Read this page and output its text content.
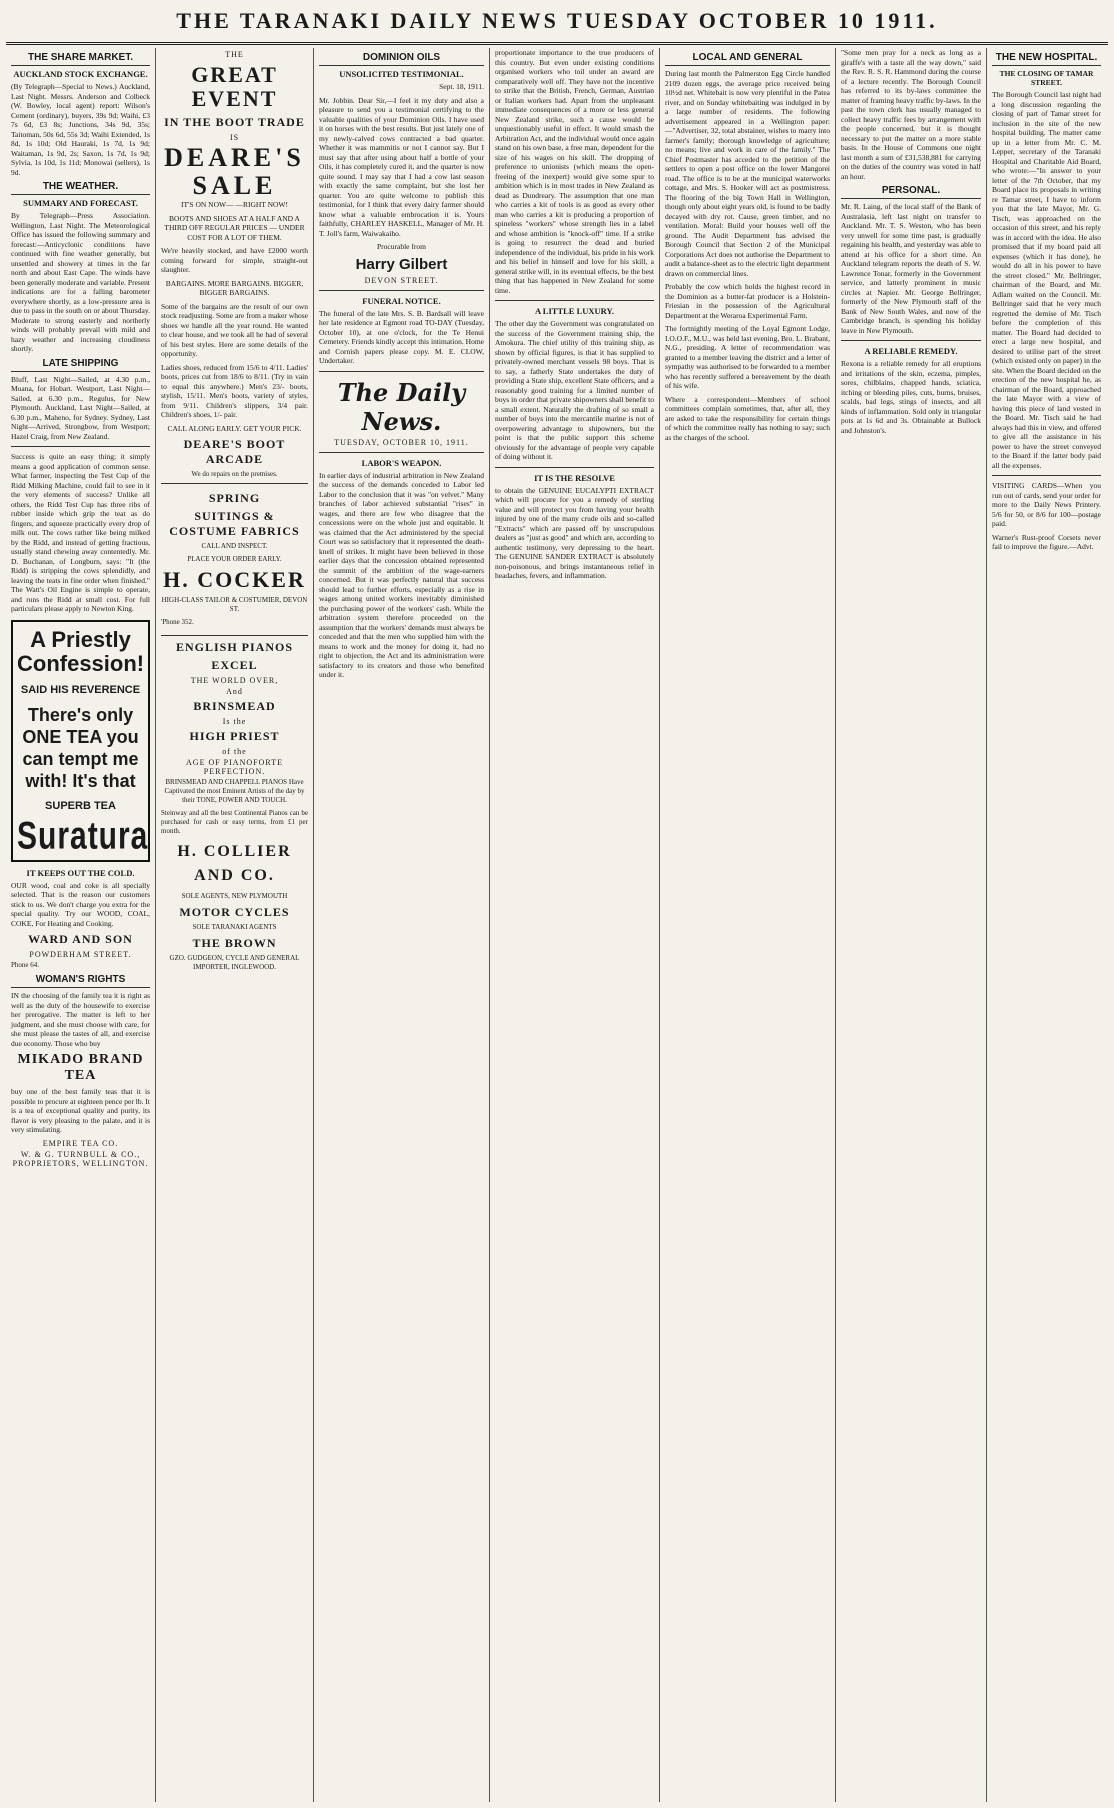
THE TARANAKI DAILY NEWS TUESDAY OCTOBER 10 1911.
THE SHARE MARKET.
AUCKLAND STOCK EXCHANGE.

(By Telegraph—Special to News.) Auckland, Last Night. Messrs. Anderson and Colbeck (W. Bowley, local agent) report: Wilson's Cement (ordinary), buyers, 39s 9d; Waihi, £3 7s 6d, £3 8s; Junctions, 34s 9d, 35s; Taitoman, 50s 6d, 55s 3d; Waihi Extended, 1s 8d, 1s 10d; Old Hauraki, 1s 7d, 1s 9d; Waitaman, 1s 9d, 2s; Saxon, 1s 7d, 1s 9d; Sylvia, 1s 10d, 1s 11d; Monowai (sellers), 1s 9d.

THE WEATHER.
SUMMARY AND FORECAST.

By Telegraph—Press Association. Wellington, Last Night. The Meteorological Office has issued the following summary and forecast:—Anticyclonic conditions have continued with fine weather generally, but unsettled and showery at times in the far north and about East Cape. The winds have been generally moderate and variable. Present indications are for a falling barometer everywhere shortly, as a low-pressure area is due to pass in the south on or about Thursday. Moderate to strong easterly and northerly winds will probably prevail with mild and hazy weather and increasing cloudiness shortly.

LATE SHIPPING

Bluff, Last Night—Sailed, at 4.30 p.m., Moana, for Hobart. Westport, Last Night—Sailed, at 6.30 p.m., Regulus, for New Plymouth. Auckland, Last Night—Sailed, at 6.30 p.m., Maheno, for Sydney. Sydney, Last Night—Arrived, Strongbow, from Westport; Hazel Craig, from New Zealand.

Success is quite an easy thing; it simply means a good application of common sense. What farmer, inspecting the Test Cup of the Ridd Milking Machine, could fail to see in it the very elements of success? Unlike all others, the Ridd Test Cup has three ribs of rubber inside which grip the teat as do fingers, and squeeze practically every drop of milk out. The cows rather like being milked by the Ridd, and instead of getting fractious, usually stand chewing away contentedly. Mr. D. Buchanan, of Longburn, says: "It (the Ridd) is stripping the cows splendidly, and leaving the teats in fine order when finished." The Watt's Oil Engine is simple to operate, and runs the Ridd at small cost. For full particulars please apply to Newton King.

A Priestly Confession!
SAID HIS REVERENCE
There's only ONE TEA you can tempt me with! It's that
SUPERB TEA
Suratura
IT KEEPS OUT THE COLD.

OUR wood, coal and coke is all specially selected. That is the reason our customers stick to us. We don't charge you extra for the special quality. Try our WOOD, COAL, COKE, For Heating and Cooking.

WARD AND SON
POWDERHAM STREET.
Phone 64.
WOMAN'S RIGHTS

IN the choosing of the family tea it is right as well as the duty of the housewife to exercise her prerogative. The matter is left to her judgment, and she must choose with care, for she must please the tastes of all, and exercise due economy. Those who buy

MIKADO BRAND TEA

buy one of the best family teas that it is possible to procure at eighteen pence per lb. It is a tea of exceptional quality and purity, its flavor is very pleasing to the palate, and it is very stimulating.

EMPIRE TEA CO.
W. & G. TURNBULL & CO., PROPRIETORS, WELLINGTON.
THE
GREAT EVENT
IN THE BOOT TRADE
IS
DEARE'S
SALE
IT'S ON NOW— —RIGHT NOW!

BOOTS AND SHOES AT A HALF AND A THIRD OFF REGULAR PRICES — UNDER COST FOR A LOT OF THEM.

We're heavily stocked, and have £2000 worth coming forward for simple, straight-out slaughter.

BARGAINS. MORE BARGAINS. BIGGER, BIGGER BARGAINS.

Some of the bargains are the result of our own stock readjusting. Some are from a maker whose shoes we handle all the year round. He wanted to clear house, and we took all he had of several of his best styles. Here are some details of the opportunity.

Ladies shoes, reduced from 15/6 to 4/11. Ladies' boots, prices cut from 18/6 to 8/11. (Try in vain to equal this anywhere.) Men's 23/- boots, stylish, 15/11. Men's boots, variety of styles, from 9/11. Children's slippers, 3/4 pair. Children's shoes, 1/- pair.

CALL ALONG EARLY. GET YOUR PICK.
DEARE'S BOOT ARCADE
We do repairs on the premises.
SPRING
SUITINGS & COSTUME FABRICS
CALL AND INSPECT.
PLACE YOUR ORDER EARLY.
H. COCKER
HIGH-CLASS TAILOR & COSTUMIER, DEVON ST.
'Phone 352.
ENGLISH PIANOS
EXCEL
THE WORLD OVER,
And
BRINSMEAD
Is the
HIGH PRIEST
of the
AGE OF PIANOFORTE PERFECTION.

BRINSMEAD AND CHAPPELL PIANOS Have Captivated the most Eminent Artists of the day by their TONE, POWER AND TOUCH.

Steinway and all the best Continental Pianos can be purchased for cash or easy terms, from £1 per month.

H. COLLIER AND CO.
SOLE AGENTS, NEW PLYMOUTH
MOTOR CYCLES
SOLE TARANAKI AGENTS
THE BROWN
GZO. GUDGEON, CYCLE AND GENERAL IMPORTER, INGLEWOOD.
DOMINION OILS
UNSOLICITED TESTIMONIAL.
Sept. 18, 1911.

Mr. Jobbin. Dear Sir,—I feel it my duty and also a pleasure to send you a testimonial certifying to the valuable qualities of your Dominion Oils. I have used it on horses with the best results. But just lately one of my newly-calved cows contracted a bad quarter. Whether it was mammitis or not I cannot say. But I must say that after using about half a bottle of your Oils, it has completely cured it, and the quarter is now quite sound. I may say that I had a cow last season with exactly the same complaint, but she lost her quarter. You are quite welcome to publish this testimonial, for I think that every dairy farmer should know what a valuable embrocation it is. Yours faithfully, CHARLEY HASKELL, Manager of Mr. H. T. Joll's farm, Waiwakaiho.

Procurable from
Harry Gilbert
DEVON STREET.
FUNERAL NOTICE.

The funeral of the late Mrs. S. B. Bardsall will leave her late residence at Egmont road TO-DAY (Tuesday, October 10), at one o'clock, for the Te Henui Cemetery. Friends kindly accept this intimation. Home and Cornish papers please copy. M. E. CLOW, Undertaker.

The Daily News.
TUESDAY, OCTOBER 10, 1911.
LABOR'S WEAPON.

In earlier days of industrial arbitration in New Zealand the success of the demands conceded to Labor led Labor to the conclusion that it was "on velvet." Many branches of labor achieved substantial "rises" in wages, and there are few who disagree that the concessions were on the whole just and equitable. It was claimed that the Act administered by the special Court was so satisfactory that it represented the death-knell of strikes. It might have been believed in those earlier days that the concession obtained represented the summit of the ambition of the wage-earners concerned. But it was perfectly natural that success should lead to further efforts, especially as a rise in wages among united workers inevitably diminished the purchasing power of the workers' cash. While the arbitration system therefore proceeded on the assumption that the workers' demands must always be conceded and that the men who supplied him with the means to work and the money for doing it, had no right to objection, the Act and its administration were satisfactory to its creators and those who benefited under it.

proportionate importance to the true producers of this country. But even under existing conditions organised workers who toil under an award are comparatively well off. They have not the incentive to strike that the British, French, German, Austrian or Italian workers had. Apart from the unpleasant immediate consequences of a more or less general New Zealand strike, such a cause would be unquestionably useful in effect. It would smash the Arbitration Act, and the individual would once again stand on his own base, a free man, dependent for the size of his wages on his skill. The dropping of preference to unionists (which means the open-freeing of the inexpert) would give some spur to ambition which is in most trades in New Zealand as dead as Dundreary. The assumption that one man who carries a kit of tools is as good as every other man who carries a kit is producing a proportion of spineless "workers" whose strength lies in a label and whose ambition is "knock-off" time. If a strike is going to resurrect the dead and buried independence of the individual, his pride in his work and his belief in himself and love for his skill, a general strike will, in its eventual effects, be the best thing that has happened in New Zealand for some time.

A LITTLE LUXURY.

The other day the Government was congratulated on the success of the Government training ship, the Amokura. The chief utility of this training ship, as shown by official figures, is that it has supplied to privately-owned merchant vessels 98 boys. That is to say, a fatherly State undertakes the duty of providing a State ship, excellent State officers, and a reasonably good training for a limited number of boys in order that private shipowners shall benefit to a small extent. Naturally the drafting of so small a number of boys into the mercantile marine is not of overpowering advantage to shipowners, but the point is that the public support this scheme obviously for the advantage of people very capable of doing without it.

IT IS THE RESOLVE

to obtain the GENUINE EUCALYPTI EXTRACT which will procure for you a remedy of sterling value and will protect you from having your health injured by one of the many crude oils and so-called "Extracts" which are passed off by unscrupulous dealers as "just as good" and which are, according to authentic testimony, very depressing to the heart. The GENUINE SANDER EXTRACT is absolutely non-poisonous, and brings instantaneous relief in headaches, fevers, and inflammation.

LOCAL AND GENERAL

During last month the Palmerston Egg Circle handled 2109 dozen eggs, the average price received being 10½d net. Whitebait is now very plentiful in the Patea river, and on Sunday whitebaiting was indulged in by a large number of residents. The following advertisement appeared in a Wellington paper:—"Advertiser, 32, total abstainer, wishes to marry into farmer's family; thorough knowledge of agriculture; no means; live and work in care of the family." The Chief Postmaster has acceded to the petition of the settlers to open a post office on the lower Mangorei road. The office is to be at the municipal waterworks cottage, and Mrs. S. Hooker will act as postmistress. The flooring of the big Town Hall in Wellington, though only about eight years old, is found to be badly decayed with dry rot. Cause, green timber, and no ventilation. Moral: Build your houses well off the ground. The Audit Department has advised the Borough Council that Section 2 of the Municipal Corporations Act does not authorise the Department to audit a balance-sheet as to the electric light department drawn on commercial lines.

Probably the cow which holds the highest record in the Dominion as a butter-fat producer is a Holstein-Friesian in the possession of the Agricultural Department at the Weraroa Experimental Farm.

The fortnightly meeting of the Loyal Egmont Lodge, I.O.O.F., M.U., was held last evening, Bro. L. Brabant, N.G., presiding. A letter of recommendation was granted to a member leaving the district and a letter of sympathy was authorised to be forwarded to a member who has recently suffered a bereavement by the death of his wife.

Where a correspondent—Members of school committees complain sometimes, that, after all, they are asked to take the responsibility for certain things of which the committee really has nothing to say; such as the charges of the school.

"Some men pray for a neck as long as a giraffe's with a taste all the way down," said the Rev. R. S. R. Hammond during the course of a lecture recently. The Borough Council has referred to its by-laws committee the matter of framing heavy traffic by-laws. In the past the town clerk has usually managed to collect heavy traffic fees by arrangement with the people concerned, but it is thought necessary to put the matter on a more stable basis. In the House of Commons one night last month a sum of £31,538,881 for carrying on the duties of the country was voted in half an hour.

PERSONAL.

Mr. R. Laing, of the local staff of the Bank of Australasia, left last night on transfer to Auckland. Mr. T. S. Weston, who has been very unwell for some time past, is gradually regaining his health, and yesterday was able to attend at his office for a short time. An Auckland telegram reports the death of S. W. Lawrence Tonar, formerly in the Government service, and latterly prominent in music circles at Napier. Mr. George Bellringer, formerly of the New Plymouth staff of the Bank of New South Wales, and now of the Cambridge branch, is spending his holiday leave in New Plymouth.

A RELIABLE REMEDY.

Rexona is a reliable remedy for all eruptions and irritations of the skin, eczema, pimples, sores, chilblains, chapped hands, sciatica, itching or bleeding piles, cuts, burns, bruises, scalds, bad legs, stings of insects, and all kinds of inflammation. Sold only in triangular pots at 1s 6d and 3s. Obtainable at Bullock and Johnston's.

THE NEW HOSPITAL.
THE CLOSING OF TAMAR STREET.

The Borough Council last night had a long discussion regarding the closing of part of Tamar street for inclusion in the site of the new hospital building. The matter came up in a letter from Mr. C. M. Lepper, secretary of the Taranaki Hospital and Charitable Aid Board, who wrote:—"In answer to your letter of the 7th October, that my Board place its proposals in writing re Tamar street, I have to inform you that the late Mayor, Mr. G. Tisch, was approached on the occasion of this street, and his reply was in accord with the idea. He also promised that if my board paid all expenses (which it has done), he would do all in his power to have the street closed." Mr. Bellringer, chairman of the Board, and Mr. Adlam waited on the Council. Mr. Bellringer said that he very much regretted the demise of Mr. Tisch before the completion of this matter. The Board had decided to erect a large new hospital, and desired to utilise part of the street (which existed only on paper) in the site. When the Board decided on the erection of the new hospital he, as chairman of the Board, approached the late Mayor with a view of having this piece of land vested in the Board. Mr. Tisch said he had always had this in view, and offered to give all the assistance in his power to have the street conveyed to the Board if the latter body paid all the expenses.

VISITING CARDS—When you run out of cards, send your order for more to the Daily News Printery. 5/6 for 50, or 8/6 for 100—postage paid.

Warner's Rust-proof Corsets never fail to improve the figure.—Advt.
